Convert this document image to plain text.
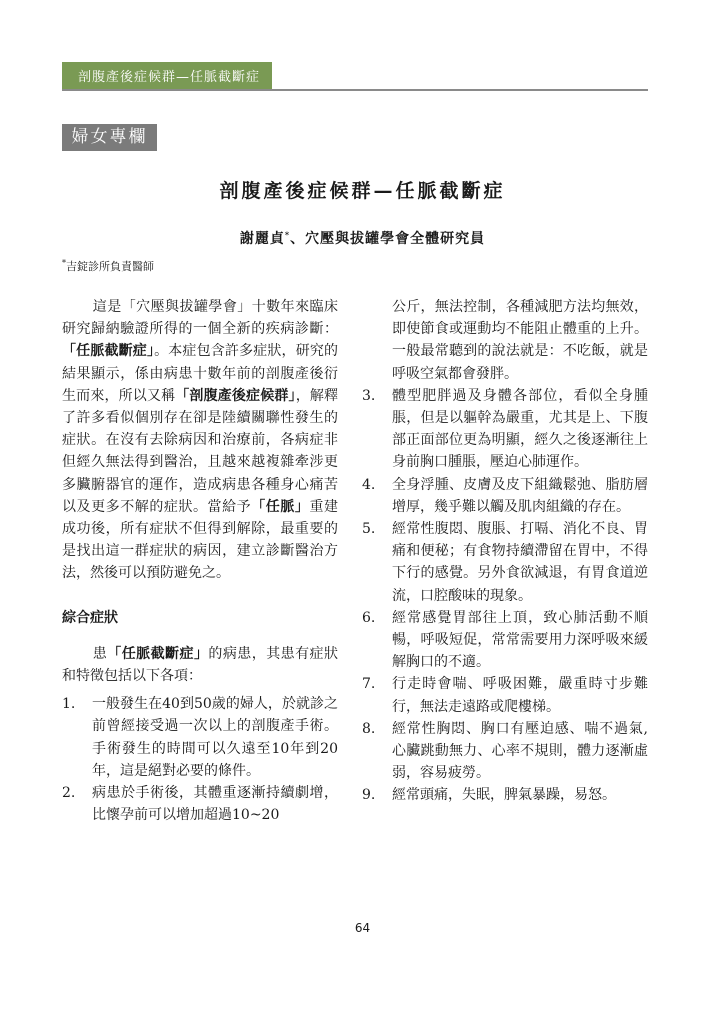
剖腹產後症候群—任脈截斷症
婦女專欄
剖腹產後症候群—任脈截斷症
謝麗貞*、穴壓與拔罐學會全體研究員
*吉錠診所負責醫師

這是「穴壓與拔罐學會」十數年來臨床研究歸納驗證所得的一個全新的疾病診斷：「任脈截斷症」。本症包含許多症狀，研究的結果顯示，係由病患十數年前的剖腹產後衍生而來，所以又稱「剖腹產後症候群」，解釋了許多看似個別存在卻是陸續關聯性發生的症狀。在沒有去除病因和治療前，各病症非但經久無法得到醫治，且越來越複雜牽涉更多臟腑器官的運作，造成病患各種身心痛苦以及更多不解的症狀。當給予「任脈」重建成功後，所有症狀不但得到解除，最重要的是找出這一群症狀的病因，建立診斷醫治方法，然後可以預防避免之。

綜合症狀

患「任脈截斷症」的病患，其患有症狀和特徵包括以下各項：

1.	一般發生在40到50歲的婦人，於就診之前曾經接受過一次以上的剖腹產手術。手術發生的時間可以久遠至10年到20年，這是絕對必要的條件。
2.	病患於手術後，其體重逐漸持續劇增，比懷孕前可以增加超過10~20
公斤，無法控制，各種減肥方法均無效，即使節食或運動均不能阻止體重的上升。一般最常聽到的說法就是：不吃飯，就是呼吸空氣都會發胖。
3.	體型肥胖過及身體各部位，看似全身腫脹，但是以軀幹為嚴重，尤其是上、下腹部正面部位更為明顯，經久之後逐漸往上身前胸口腫脹，壓迫心肺運作。
4.	全身浮腫、皮膚及皮下組織鬆弛、脂肪層增厚，幾乎難以觸及肌肉組織的存在。
5.	經常性腹悶、腹脹、打嗝、消化不良、胃痛和便秘；有食物持續滯留在胃中，不得下行的感覺。另外食欲減退，有胃食道逆流，口腔酸味的現象。
6.	經常感覺胃部往上頂，致心肺活動不順暢，呼吸短促，常常需要用力深呼吸來緩解胸口的不適。
7.	行走時會喘、呼吸困難，嚴重時寸步難行，無法走遠路或爬樓梯。
8.	經常性胸悶、胸口有壓迫感、喘不過氣,心臟跳動無力、心率不規則，體力逐漸虛弱，容易疲勞。
9.	經常頭痛，失眠，脾氣暴躁，易怒。
64
